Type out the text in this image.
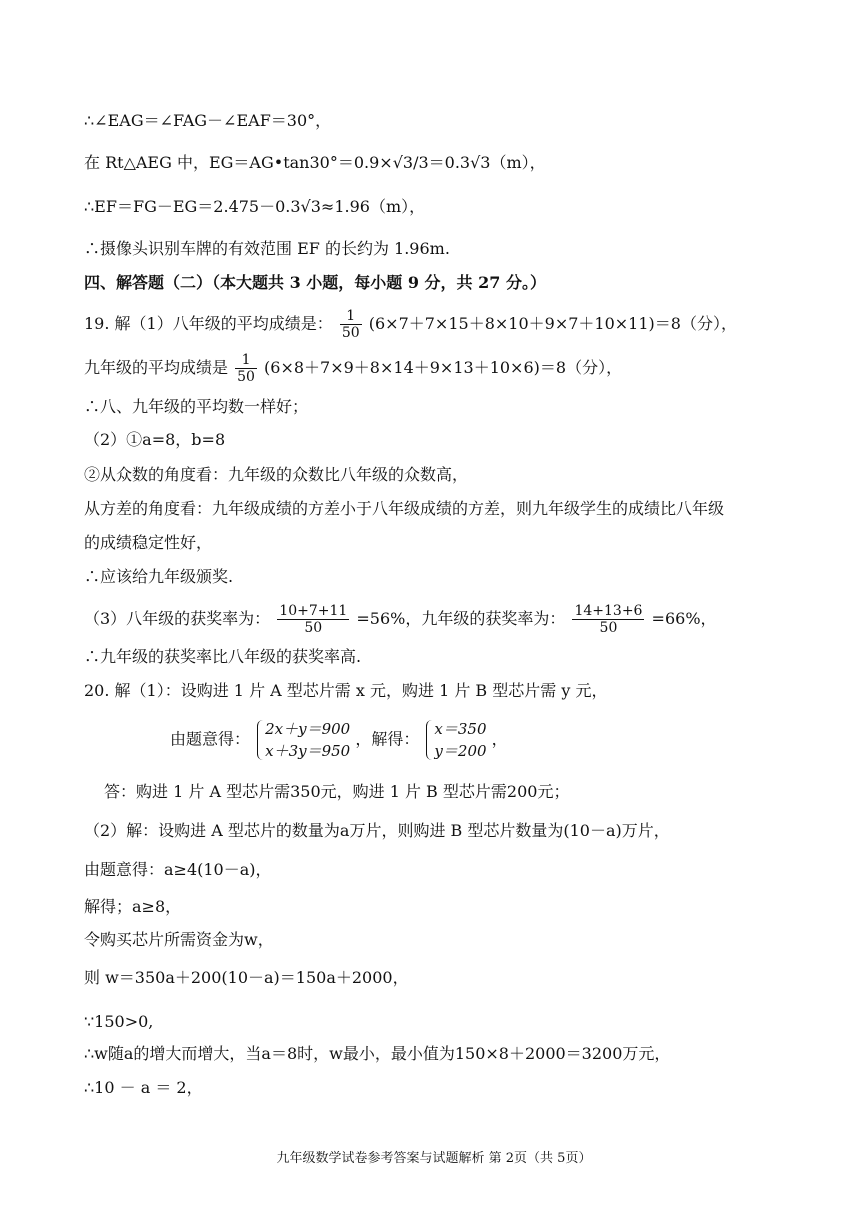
∴∠EAG＝∠FAG－∠EAF＝30°，
在 Rt△AEG 中，EG＝AG•tan30°＝0.9×√3/3＝0.3√3（m），
∴EF＝FG－EG＝2.475－0.3√3≈1.96（m），
∴摄像头识别车牌的有效范围 EF 的长约为 1.96m.
四、解答题（二）（本大题共 3 小题，每小题 9 分，共 27 分。）
19. 解（1）八年级的平均成绩是： $\frac{1}{50} (6\times 7+7\times 15+8\times 10+9\times 7+10\times 11)=8$（分），
九年级的平均成绩是 $\frac{1}{50} (6\times 8+7\times 9+8\times 14+9\times 13+10\times 6)=8$（分），
∴八、九年级的平均数一样好；
（2）①a=8，b=8
②从众数的角度看：九年级的众数比八年级的众数高，
从方差的角度看：九年级成绩的方差小于八年级成绩的方差，则九年级学生的成绩比八年级
的成绩稳定性好，
∴应该给九年级颁奖.
（3）八年级的获奖率为： $\frac{10+7+11}{50} =56\%$，九年级的获奖率为： $\frac{14+13+6}{50} =66\%$，
∴九年级的获奖率比八年级的获奖率高.
20. 解（1）：设购进 1 片 A 型芯片需 x 元，购进 1 片 B 型芯片需 y 元，
由题意得：
2x＋y＝900
x＋3y＝950
，解得：
x＝350
y＝200
，
答：购进 1 片 A 型芯片需350元，购进 1 片 B 型芯片需200元；
（2）解：设购进 A 型芯片的数量为a万片，则购进 B 型芯片数量为(10－a)万片，
由题意得：a≥4(10－a)，
解得；a≥8，
令购买芯片所需资金为w，
则 w＝350a＋200(10－a)＝150a＋2000，
∵150>0,
∴w随a的增大而增大，当a＝8时，w最小，最小值为150×8＋2000＝3200万元，
∴10 － a ＝ 2，
九年级数学试卷参考答案与试题解析 第 2页（共 5页）
